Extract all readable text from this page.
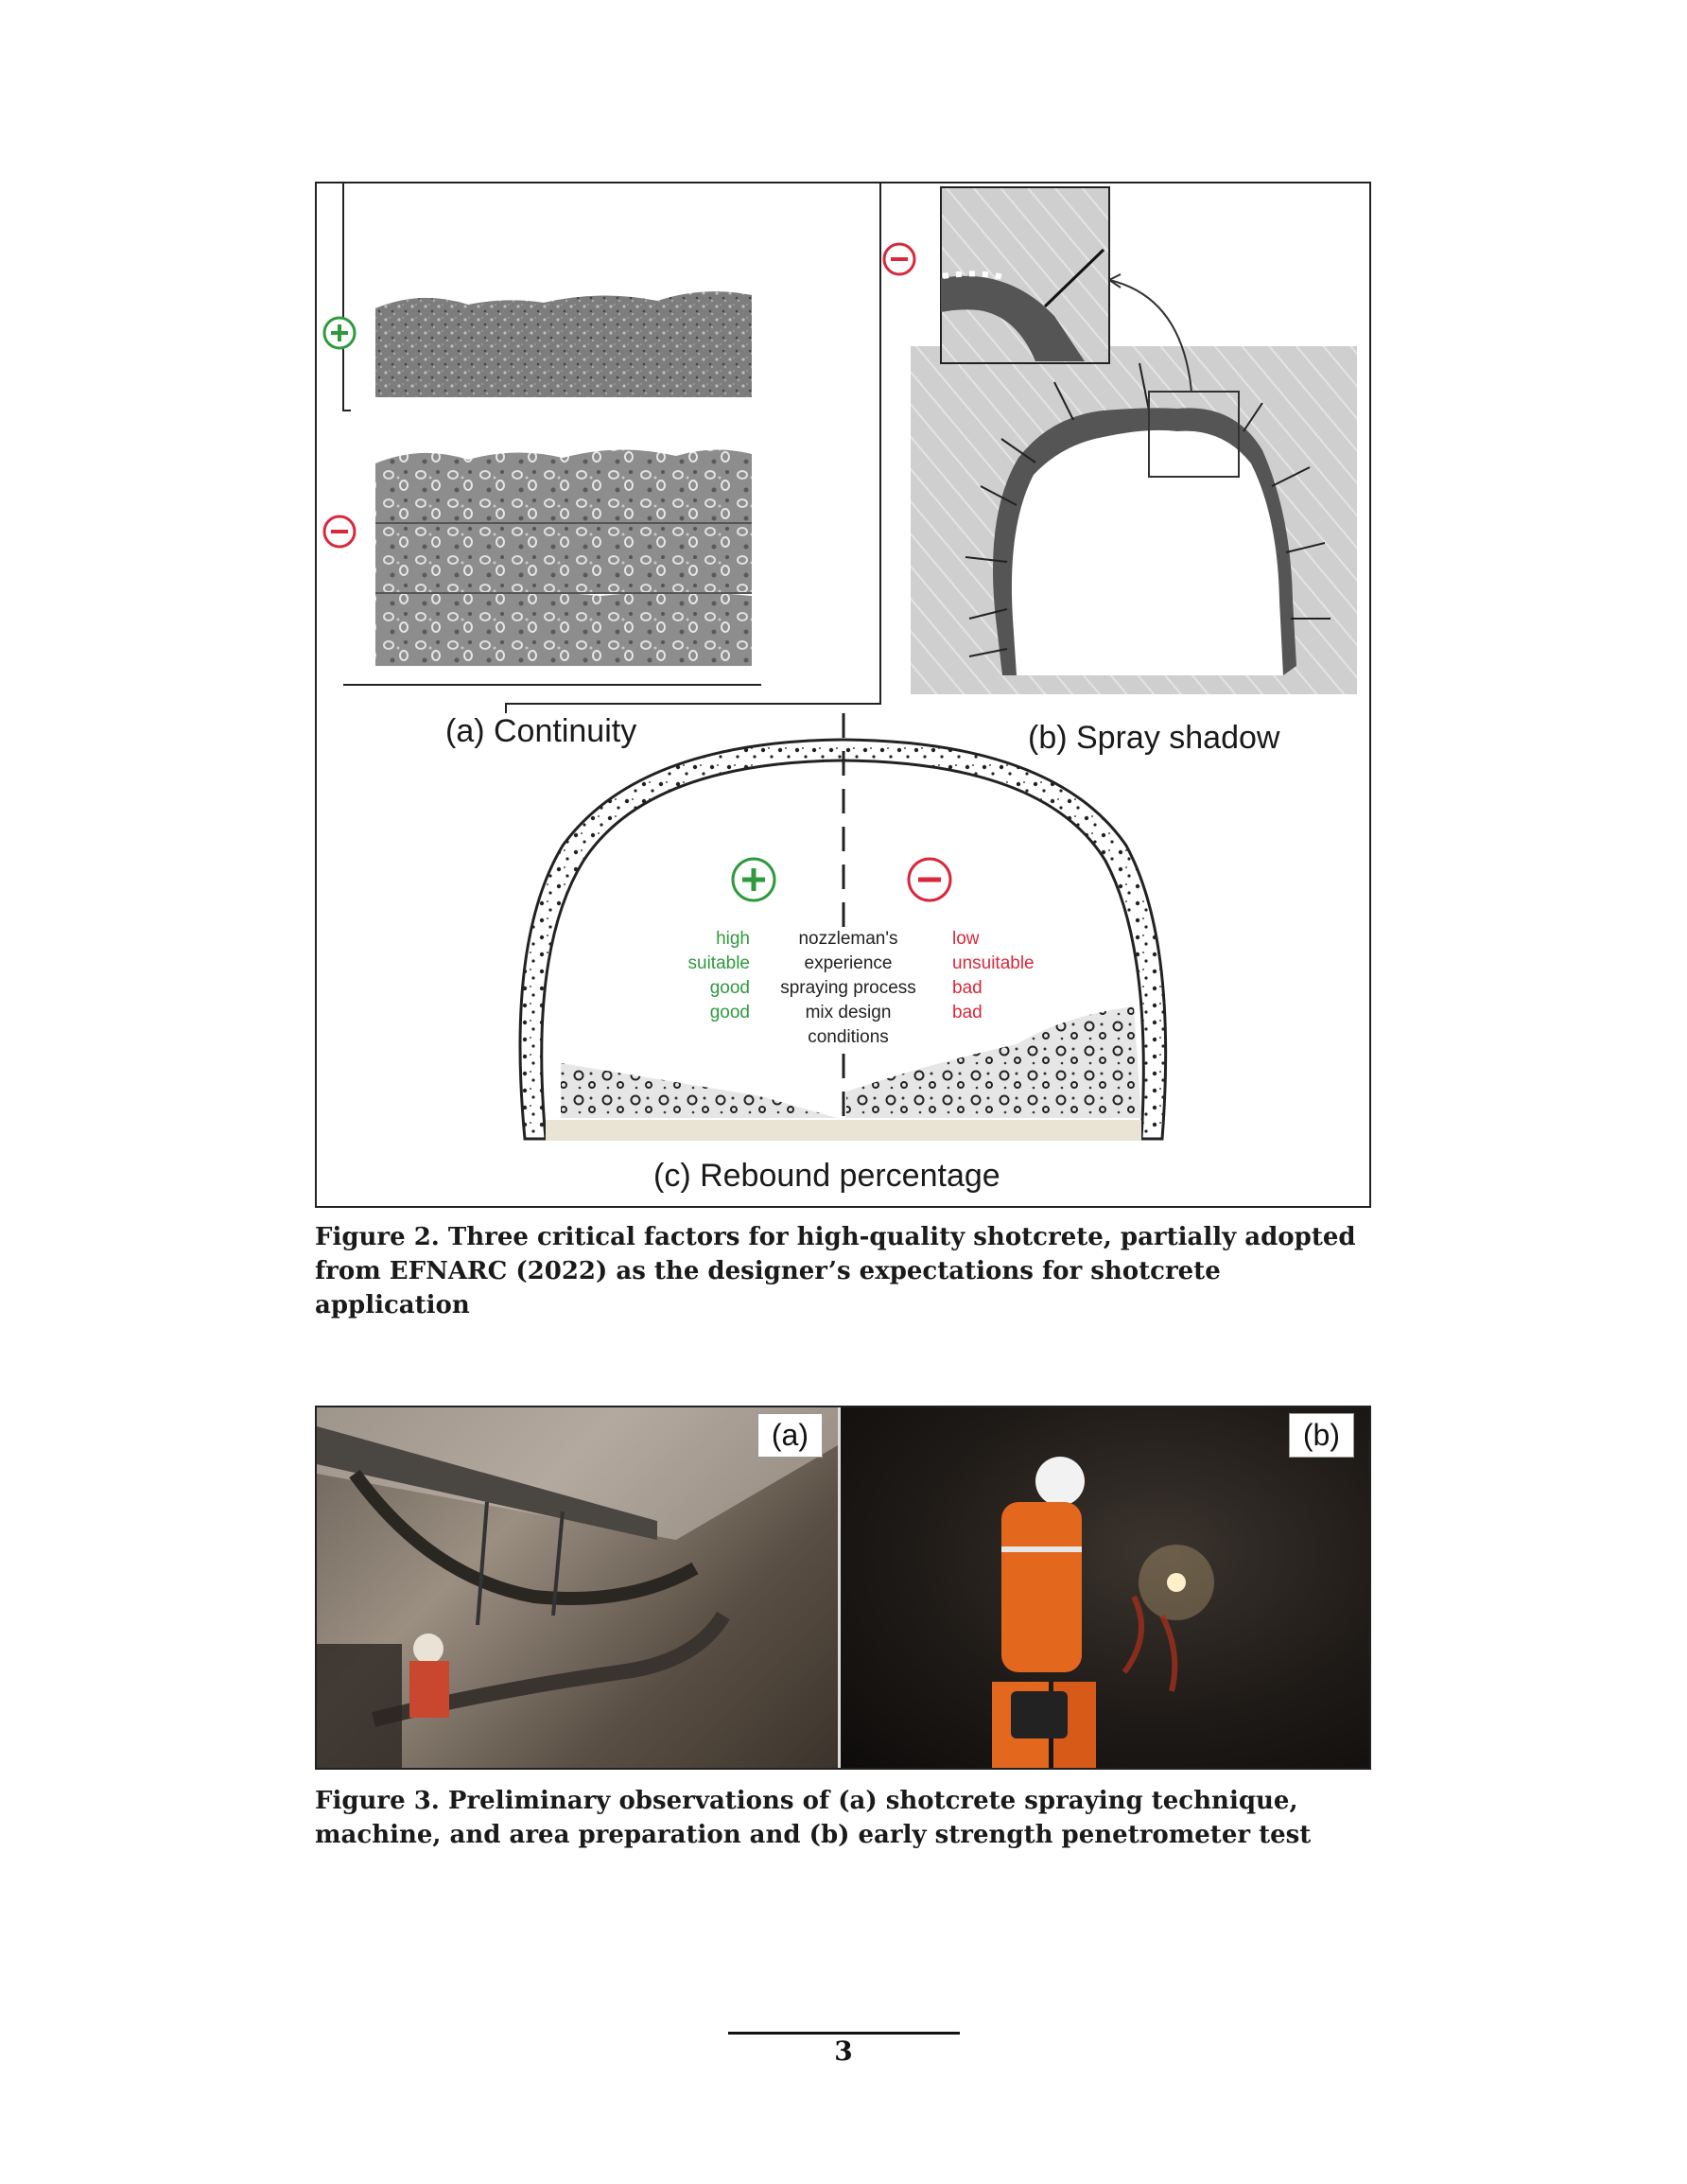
(a) Continuity	(b) Spray shadow
(c) Rebound percentage
high
suitable
good
good
nozzleman's experience
spraying process
mix design
conditions
low
unsuitable
bad
bad
Figure 2. Three critical factors for high-quality shotcrete, partially adopted from EFNARC (2022) as the designer’s expectations for shotcrete application
(a)	(b)
Figure 3. Preliminary observations of (a) shotcrete spraying technique, machine, and area preparation and (b) early strength penetrometer test
3
